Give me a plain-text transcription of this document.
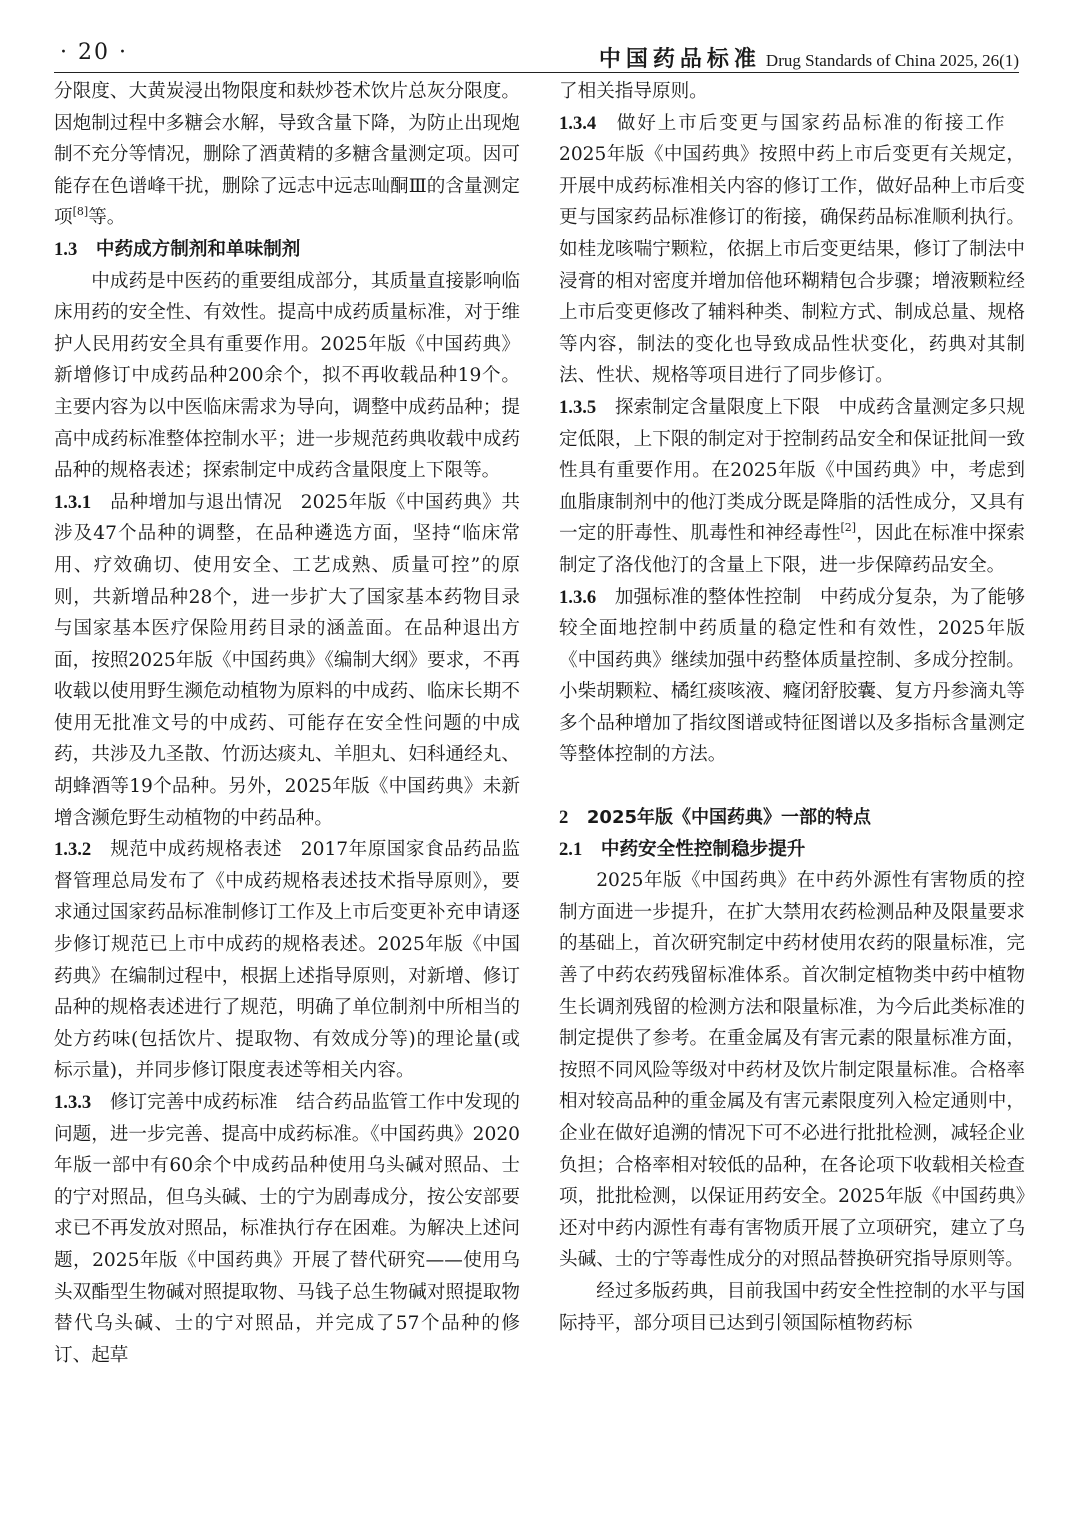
· 20 ·	中国药品标准 Drug Standards of China 2025, 26(1)

分限度、大黄炭浸出物限度和麸炒苍术饮片总灰分限度。因炮制过程中多糖会水解，导致含量下降，为防止出现炮制不充分等情况，删除了酒黄精的多糖含量测定项。因可能存在色谱峰干扰，删除了远志中远志𠮿酮Ⅲ的含量测定项[8]等。

1.3 中药成方制剂和单味制剂

中成药是中医药的重要组成部分，其质量直接影响临床用药的安全性、有效性。提高中成药质量标准，对于维护人民用药安全具有重要作用。2025年版《中国药典》新增修订中成药品种200余个，拟不再收载品种19个。主要内容为以中医临床需求为导向，调整中成药品种；提高中成药标准整体控制水平；进一步规范药典收载中成药品种的规格表述；探索制定中成药含量限度上下限等。

1.3.1 品种增加与退出情况 2025年版《中国药典》共涉及47个品种的调整，在品种遴选方面，坚持“临床常用、疗效确切、使用安全、工艺成熟、质量可控”的原则，共新增品种28个，进一步扩大了国家基本药物目录与国家基本医疗保险用药目录的涵盖面。在品种退出方面，按照2025年版《中国药典》《编制大纲》要求，不再收载以使用野生濒危动植物为原料的中成药、临床长期不使用无批准文号的中成药、可能存在安全性问题的中成药，共涉及九圣散、竹沥达痰丸、羊胆丸、妇科通经丸、胡蜂酒等19个品种。另外，2025年版《中国药典》未新增含濒危野生动植物的中药品种。

1.3.2 规范中成药规格表述 2017年原国家食品药品监督管理总局发布了《中成药规格表述技术指导原则》，要求通过国家药品标准制修订工作及上市后变更补充申请逐步修订规范已上市中成药的规格表述。2025年版《中国药典》在编制过程中，根据上述指导原则，对新增、修订品种的规格表述进行了规范，明确了单位制剂中所相当的处方药味(包括饮片、提取物、有效成分等)的理论量(或标示量)，并同步修订限度表述等相关内容。

1.3.3 修订完善中成药标准 结合药品监管工作中发现的问题，进一步完善、提高中成药标准。《中国药典》2020年版一部中有60余个中成药品种使用乌头碱对照品、士的宁对照品，但乌头碱、士的宁为剧毒成分，按公安部要求已不再发放对照品，标准执行存在困难。为解决上述问题，2025年版《中国药典》开展了替代研究——使用乌头双酯型生物碱对照提取物、马钱子总生物碱对照提取物替代乌头碱、士的宁对照品，并完成了57个品种的修订、起草

了相关指导原则。

1.3.4 做好上市后变更与国家药品标准的衔接工作2025年版《中国药典》按照中药上市后变更有关规定，开展中成药标准相关内容的修订工作，做好品种上市后变更与国家药品标准修订的衔接，确保药品标准顺利执行。如桂龙咳喘宁颗粒，依据上市后变更结果，修订了制法中浸膏的相对密度并增加倍他环糊精包合步骤；增液颗粒经上市后变更修改了辅料种类、制粒方式、制成总量、规格等内容，制法的变化也导致成品性状变化，药典对其制法、性状、规格等项目进行了同步修订。

1.3.5 探索制定含量限度上下限 中成药含量测定多只规定低限，上下限的制定对于控制药品安全和保证批间一致性具有重要作用。在2025年版《中国药典》中，考虑到血脂康制剂中的他汀类成分既是降脂的活性成分，又具有一定的肝毒性、肌毒性和神经毒性[2]，因此在标准中探索制定了洛伐他汀的含量上下限，进一步保障药品安全。

1.3.6 加强标准的整体性控制 中药成分复杂，为了能够较全面地控制中药质量的稳定性和有效性，2025年版《中国药典》继续加强中药整体质量控制、多成分控制。小柴胡颗粒、橘红痰咳液、癃闭舒胶囊、复方丹参滴丸等多个品种增加了指纹图谱或特征图谱以及多指标含量测定等整体控制的方法。

2 2025年版《中国药典》一部的特点

2.1 中药安全性控制稳步提升

2025年版《中国药典》在中药外源性有害物质的控制方面进一步提升，在扩大禁用农药检测品种及限量要求的基础上，首次研究制定中药材使用农药的限量标准，完善了中药农药残留标准体系。首次制定植物类中药中植物生长调剂残留的检测方法和限量标准，为今后此类标准的制定提供了参考。在重金属及有害元素的限量标准方面，按照不同风险等级对中药材及饮片制定限量标准。合格率相对较高品种的重金属及有害元素限度列入检定通则中，企业在做好追溯的情况下可不必进行批批检测，减轻企业负担；合格率相对较低的品种，在各论项下收载相关检查项，批批检测，以保证用药安全。2025年版《中国药典》还对中药内源性有毒有害物质开展了立项研究，建立了乌头碱、士的宁等毒性成分的对照品替换研究指导原则等。

经过多版药典，目前我国中药安全性控制的水平与国际持平，部分项目已达到引领国际植物药标
